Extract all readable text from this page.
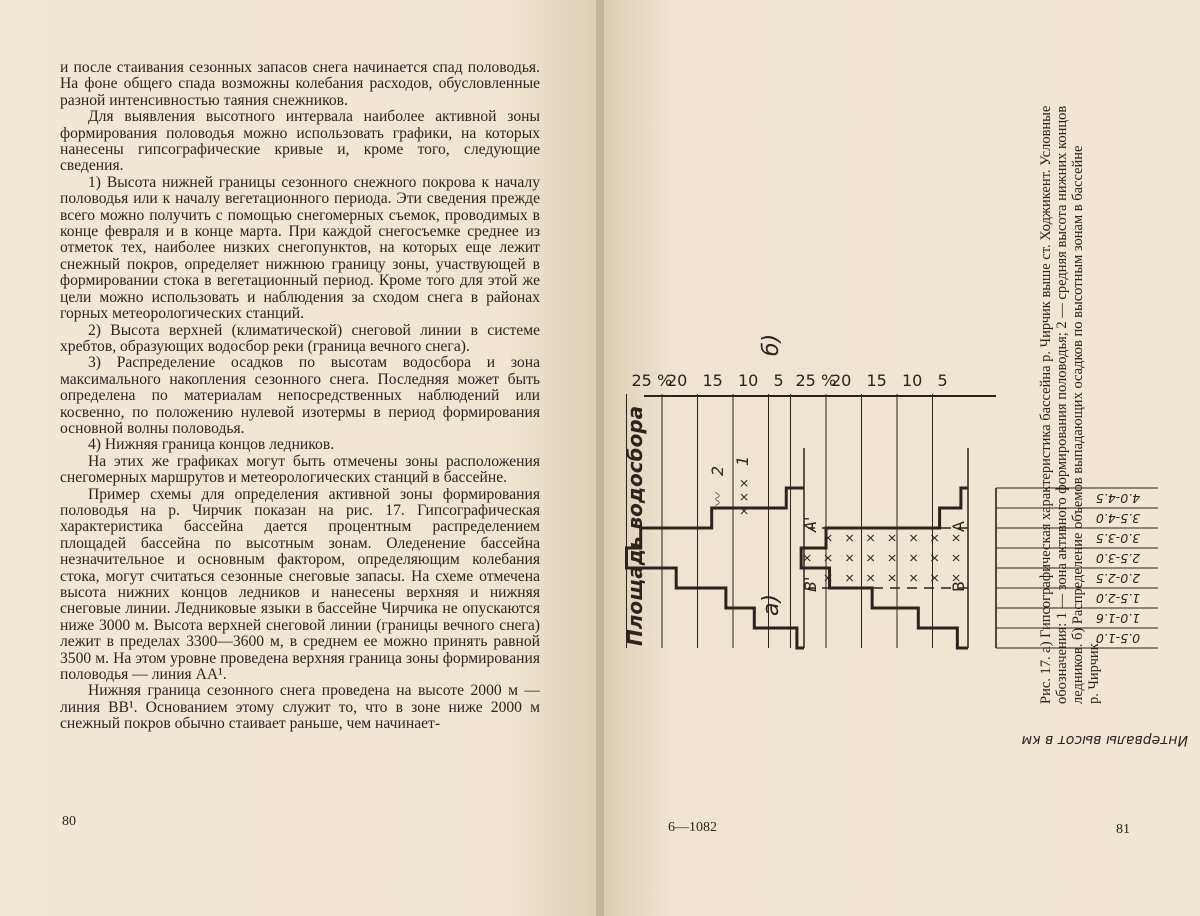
и после стаивания сезонных запасов снега начинается спад половодья. На фоне общего спада возможны колебания расходов, обусловленные разной интенсивностью таяния снежников.

Для выявления высотного интервала наиболее активной зоны формирования половодья можно использовать графики, на которых нанесены гипсографические кривые и, кроме того, следующие сведения.

1) Высота нижней границы сезонного снежного покрова к началу половодья или к началу вегетационного периода. Эти сведения прежде всего можно получить с помощью снегомерных съемок, проводимых в конце февраля и в конце марта. При каждой снегосъемке среднее из отметок тех, наиболее низких снегопунктов, на которых еще лежит снежный покров, определяет нижнюю границу зоны, участвующей в формировании стока в вегетационный период. Кроме того для этой же цели можно использовать и наблюдения за сходом снега в районах горных метеорологических станций.

2) Высота верхней (климатической) снеговой линии в системе хребтов, образующих водосбор реки (граница вечного снега).

3) Распределение осадков по высотам водосбора и зона максимального накопления сезонного снега. Последняя может быть определена по материалам непосредственных наблюдений или косвенно, по положению нулевой изотермы в период формирования основной волны половодья.

4) Нижняя граница концов ледников.

На этих же графиках могут быть отмечены зоны расположения снегомерных маршрутов и метеорологических станций в бассейне.

Пример схемы для определения активной зоны формирования половодья на р. Чирчик показан на рис. 17. Гипсографическая характеристика бассейна дается процентным распределением площадей бассейна по высотным зонам. Оледенение бассейна незначительное и основным фактором, определяющим колебания стока, могут считаться сезонные снеговые запасы. На схеме отмечена высота нижних концов ледников и нанесены верхняя и нижняя снеговые линии. Ледниковые языки в бассейне Чирчика не опускаются ниже 3000 м. Высота верхней снеговой линии (границы вечного снега) лежит в пределах 3300—3600 м, в среднем ее можно принять равной 3500 м. На этом уровне проведена верхняя граница зоны формирования половодья — линия AA¹.

Нижняя граница сезонного снега проведена на высоте 2000 м — линия BB¹. Основанием этому служит то, что в зоне ниже 2000 м снежный покров обычно стаивает раньше, чем начинает-

80
0.5-1.0
1.0-1.6
1.5-2.0
2.0-2.5
2.5-3.0
3.0-3.5
3.5-4.0
4.0-4.5
Интервалы высот в км
5
10
15
20
25 %
5
10
15
20
25 %
×
×
×
×
×
×
×
×
×
×
×
×
×
×
×
×
×
×
×
×
×
×
A
A'
B
B'
а)
б)
× × ×
1
〰
2
Площадь водосбора	Рис. 17. а) Гипсографическая характеристика бассейна р. Чирчик выше ст. Ходжикент. Условные обозначения: 1 — зона активного формирования половодья; 2 — средняя высота нижних концов ледников. б) Распределение объемов выпадающих осадков по высотным зонам в бассейне р. Чирчик.
6—1082	81
